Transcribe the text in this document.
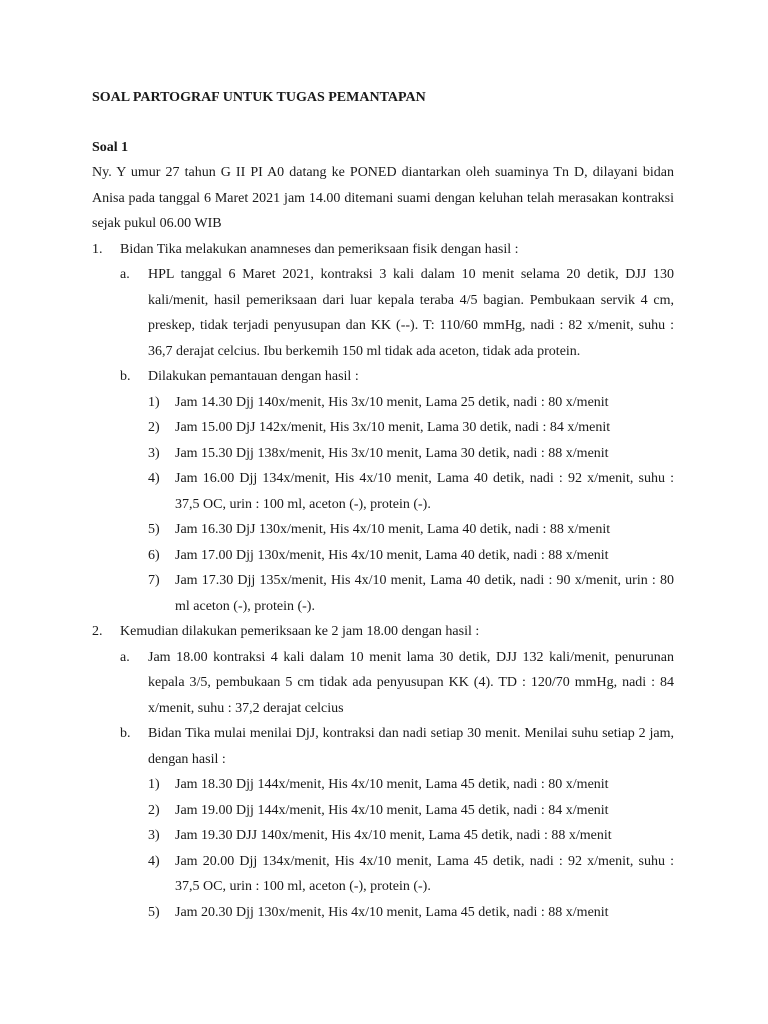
SOAL PARTOGRAF UNTUK TUGAS PEMANTAPAN
Soal 1
Ny. Y umur 27 tahun G II PI A0 datang ke PONED diantarkan oleh suaminya Tn D, dilayani bidan Anisa pada tanggal 6 Maret 2021 jam 14.00 ditemani suami dengan keluhan telah merasakan kontraksi sejak pukul 06.00 WIB
1. Bidan Tika melakukan anamneses dan pemeriksaan fisik dengan hasil :
a. HPL tanggal 6 Maret 2021, kontraksi 3 kali dalam 10 menit selama 20 detik, DJJ 130 kali/menit, hasil pemeriksaan dari luar kepala teraba 4/5 bagian. Pembukaan servik 4 cm, preskep, tidak terjadi penyusupan dan KK (--). T: 110/60 mmHg, nadi : 82 x/menit, suhu : 36,7 derajat celcius. Ibu berkemih 150 ml tidak ada aceton, tidak ada protein.
b. Dilakukan pemantauan dengan hasil :
1) Jam 14.30 Djj 140x/menit, His 3x/10 menit, Lama 25 detik, nadi : 80 x/menit
2) Jam 15.00 DjJ 142x/menit, His 3x/10 menit, Lama 30 detik, nadi : 84 x/menit
3) Jam 15.30 Djj 138x/menit, His 3x/10 menit, Lama 30 detik, nadi : 88 x/menit
4) Jam 16.00 Djj 134x/menit, His 4x/10 menit, Lama 40 detik, nadi : 92 x/menit, suhu : 37,5 OC, urin : 100 ml, aceton (-), protein (-).
5) Jam 16.30 DjJ 130x/menit, His 4x/10 menit, Lama 40 detik, nadi : 88 x/menit
6) Jam 17.00 Djj 130x/menit, His 4x/10 menit, Lama 40 detik, nadi : 88 x/menit
7) Jam 17.30 Djj 135x/menit, His 4x/10 menit, Lama 40 detik, nadi : 90 x/menit, urin : 80 ml aceton (-), protein (-).
2. Kemudian dilakukan pemeriksaan ke 2 jam 18.00 dengan hasil :
a. Jam 18.00 kontraksi 4 kali dalam 10 menit lama 30 detik, DJJ 132 kali/menit, penurunan kepala 3/5, pembukaan 5 cm tidak ada penyusupan KK (4). TD : 120/70 mmHg, nadi : 84 x/menit, suhu : 37,2 derajat celcius
b. Bidan Tika mulai menilai DjJ, kontraksi dan nadi setiap 30 menit. Menilai suhu setiap 2 jam, dengan hasil :
1) Jam 18.30 Djj 144x/menit, His 4x/10 menit, Lama 45 detik, nadi : 80 x/menit
2) Jam 19.00 Djj 144x/menit, His 4x/10 menit, Lama 45 detik, nadi : 84 x/menit
3) Jam 19.30 DJJ 140x/menit, His 4x/10 menit, Lama 45 detik, nadi : 88 x/menit
4) Jam 20.00 Djj 134x/menit, His 4x/10 menit, Lama 45 detik, nadi : 92 x/menit, suhu : 37,5 OC, urin : 100 ml, aceton (-), protein (-).
5) Jam 20.30 Djj 130x/menit, His 4x/10 menit, Lama 45 detik, nadi : 88 x/menit
